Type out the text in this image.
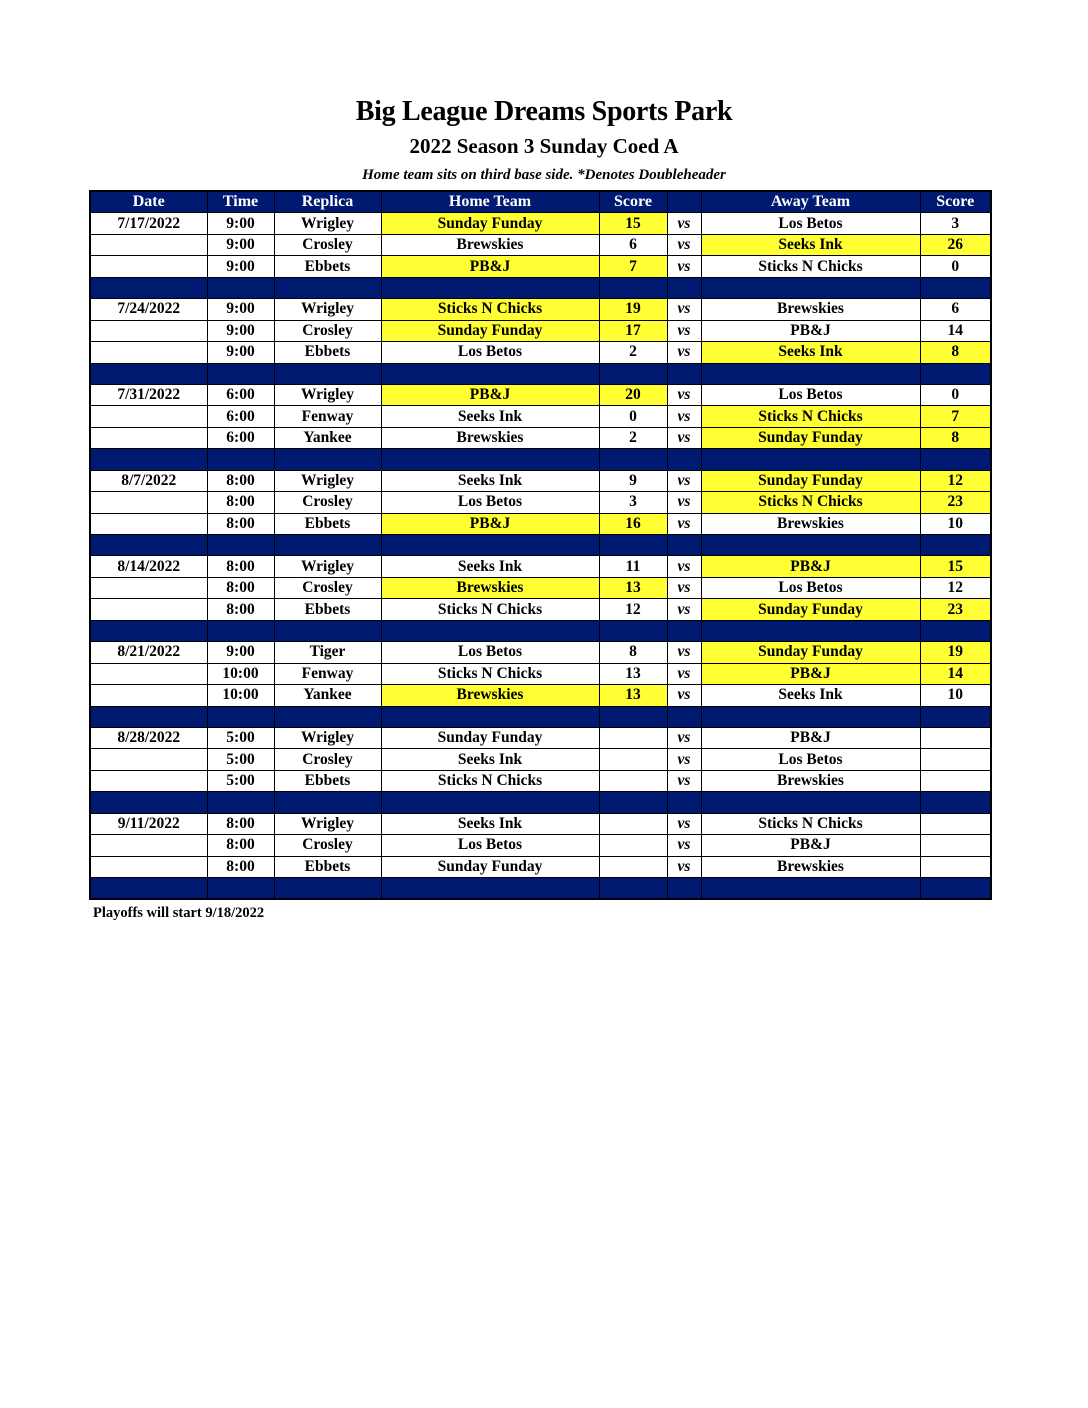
Big League Dreams Sports Park
2022 Season 3 Sunday Coed A
Home team sits on third base side. *Denotes Doubleheader
Date	Time	Replica	Home Team	Score		Away Team	Score
7/17/2022	9:00	Wrigley	Sunday Funday	15	vs	Los Betos	3
	9:00	Crosley	Brewskies	6	vs	Seeks Ink	26
	9:00	Ebbets	PB&J	7	vs	Sticks N Chicks	0

7/24/2022	9:00	Wrigley	Sticks N Chicks	19	vs	Brewskies	6
	9:00	Crosley	Sunday Funday	17	vs	PB&J	14
	9:00	Ebbets	Los Betos	2	vs	Seeks Ink	8

7/31/2022	6:00	Wrigley	PB&J	20	vs	Los Betos	0
	6:00	Fenway	Seeks Ink	0	vs	Sticks N Chicks	7
	6:00	Yankee	Brewskies	2	vs	Sunday Funday	8

8/7/2022	8:00	Wrigley	Seeks Ink	9	vs	Sunday Funday	12
	8:00	Crosley	Los Betos	3	vs	Sticks N Chicks	23
	8:00	Ebbets	PB&J	16	vs	Brewskies	10

8/14/2022	8:00	Wrigley	Seeks Ink	11	vs	PB&J	15
	8:00	Crosley	Brewskies	13	vs	Los Betos	12
	8:00	Ebbets	Sticks N Chicks	12	vs	Sunday Funday	23

8/21/2022	9:00	Tiger	Los Betos	8	vs	Sunday Funday	19
	10:00	Fenway	Sticks N Chicks	13	vs	PB&J	14
	10:00	Yankee	Brewskies	13	vs	Seeks Ink	10

8/28/2022	5:00	Wrigley	Sunday Funday		vs	PB&J	
	5:00	Crosley	Seeks Ink		vs	Los Betos	
	5:00	Ebbets	Sticks N Chicks		vs	Brewskies	

9/11/2022	8:00	Wrigley	Seeks Ink		vs	Sticks N Chicks	
	8:00	Crosley	Los Betos		vs	PB&J	
	8:00	Ebbets	Sunday Funday		vs	Brewskies	

Playoffs will start 9/18/2022
